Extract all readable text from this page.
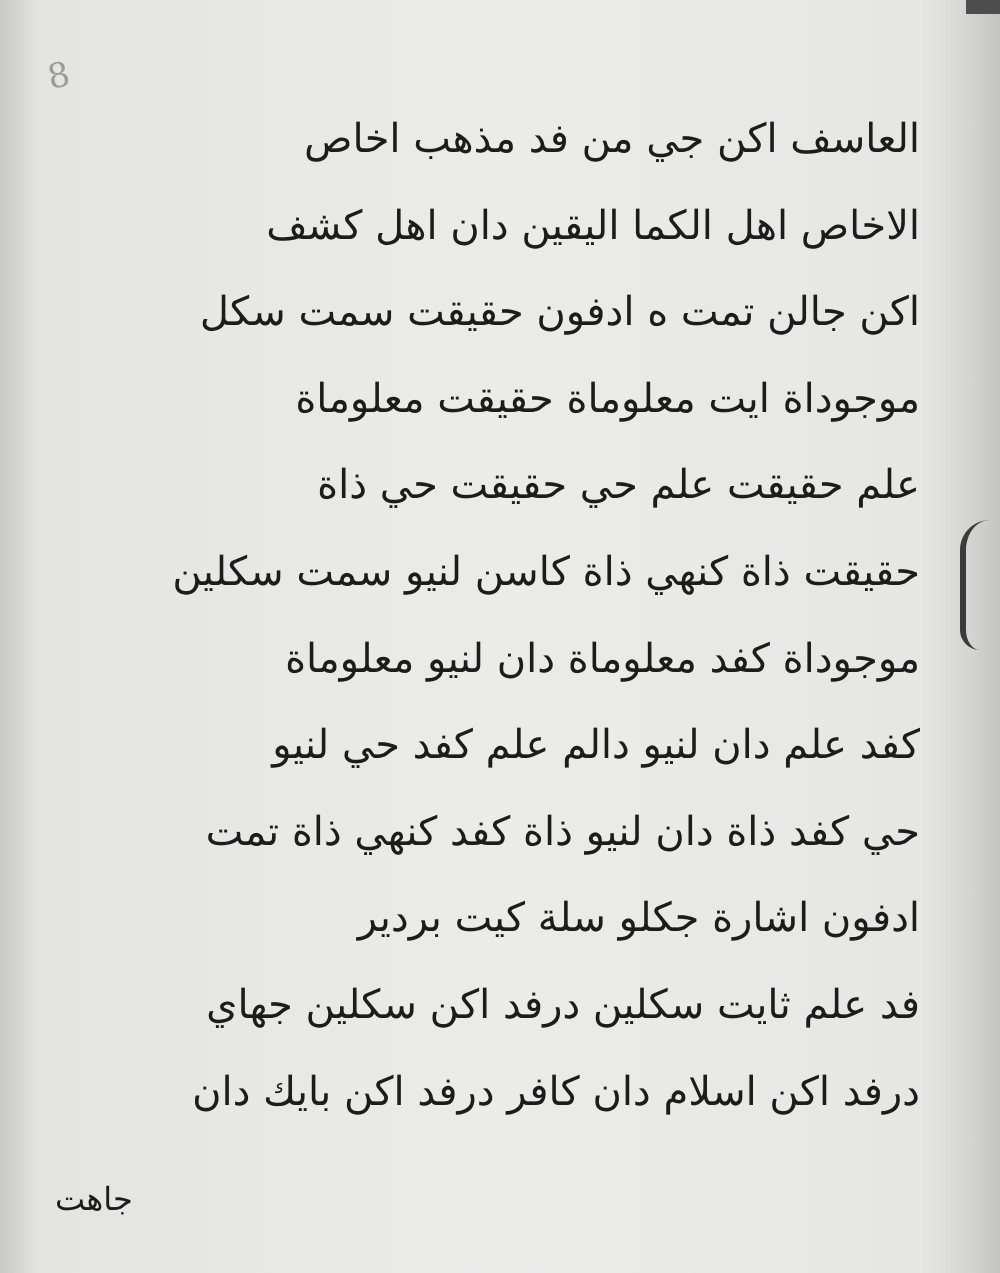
8
العاسف اكن جي من فد مذهب اخاص
الاخاص اهل الكما اليقين دان اهل كشف
اكن جالن تمت ه ادفون حقيقت سمت سكل
موجوداة ايت معلوماة حقيقت معلوماة
علم حقيقت علم حي حقيقت حي ذاة
حقيقت ذاة كنهي ذاة كاسن لنيو سمت سكلين
موجوداة كفد معلوماة دان لنيو معلوماة
كفد علم دان لنيو دالم علم كفد حي لنيو
حي كفد ذاة دان لنيو ذاة كفد كنهي ذاة تمت
ادفون اشارة جكلو سلة كيت بردير
فد علم ثايت سكلين درفد اكن سكلين جهاي
درفد اكن اسلام دان كافر درفد اكن بايك دان
جاهت
